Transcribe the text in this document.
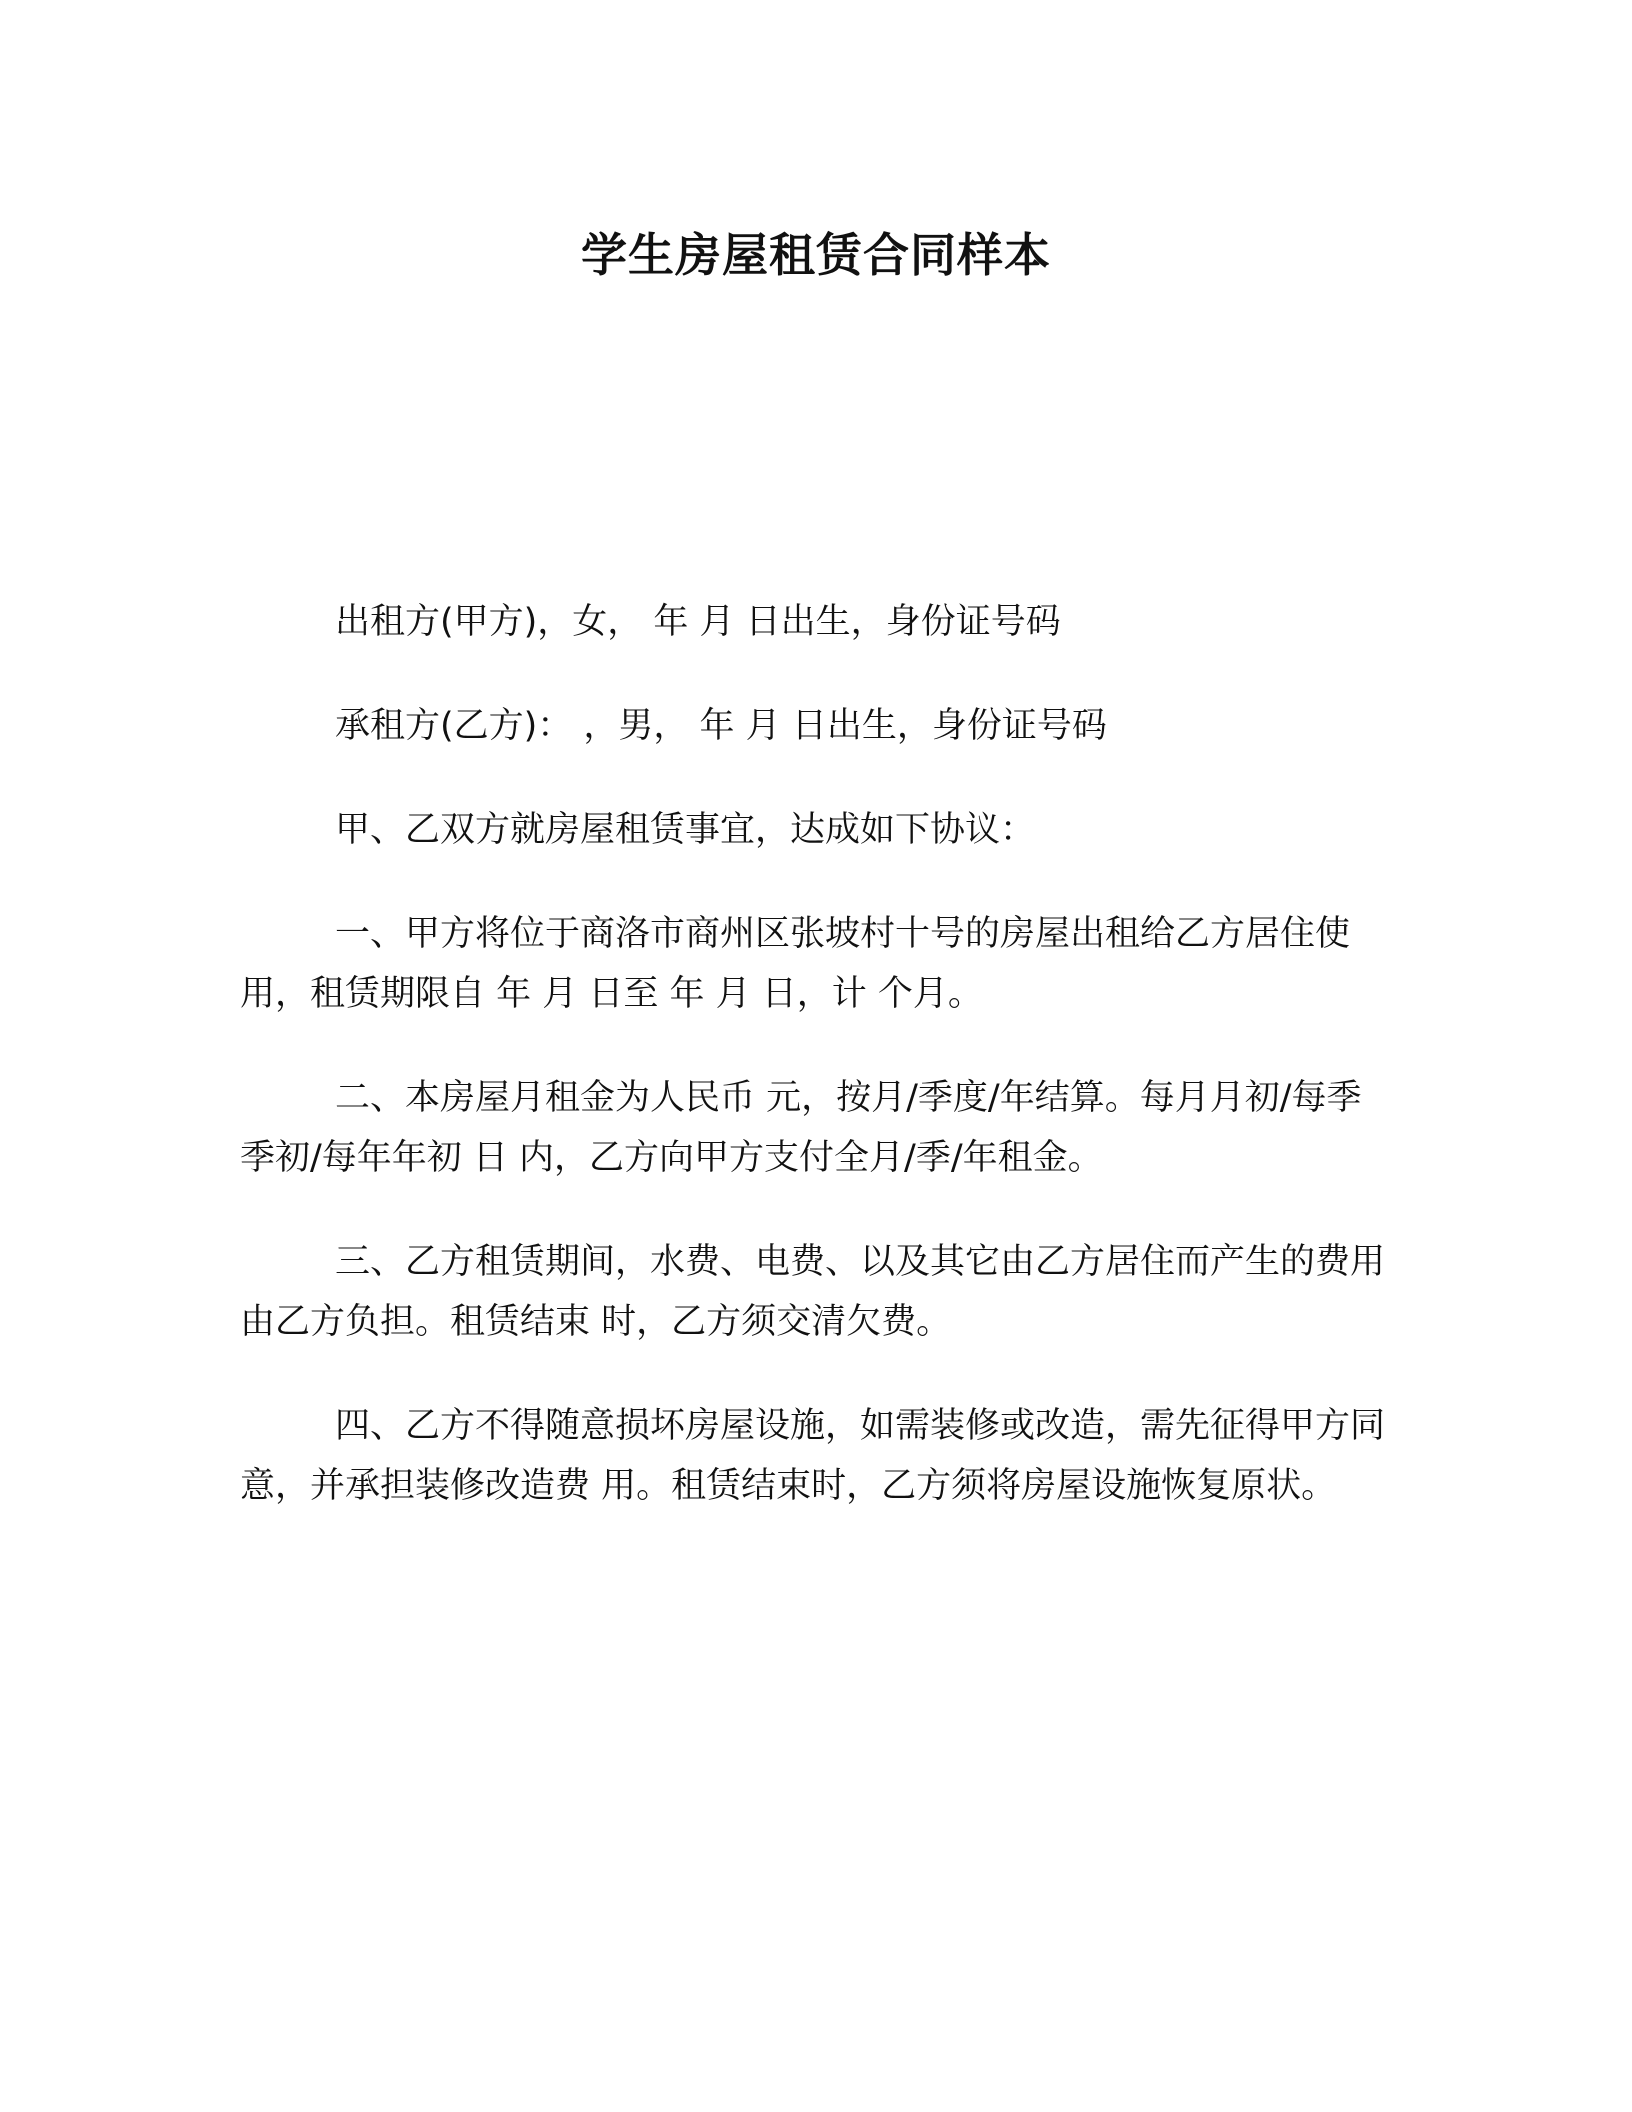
学生房屋租赁合同样本

出租方(甲方)，女， 年 月 日出生，身份证号码

承租方(乙方)： ，男， 年 月 日出生，身份证号码

甲、乙双方就房屋租赁事宜，达成如下协议：

一、甲方将位于商洛市商州区张坡村十号的房屋出租给乙方居住使用，租赁期限自 年 月 日至 年 月 日，计 个月。

二、本房屋月租金为人民币 元，按月/季度/年结算。每月月初/每季季初/每年年初 日 内，乙方向甲方支付全月/季/年租金。

三、乙方租赁期间，水费、电费、以及其它由乙方居住而产生的费用由乙方负担。租赁结束 时，乙方须交清欠费。

四、乙方不得随意损坏房屋设施，如需装修或改造，需先征得甲方同意，并承担装修改造费 用。租赁结束时，乙方须将房屋设施恢复原状。
